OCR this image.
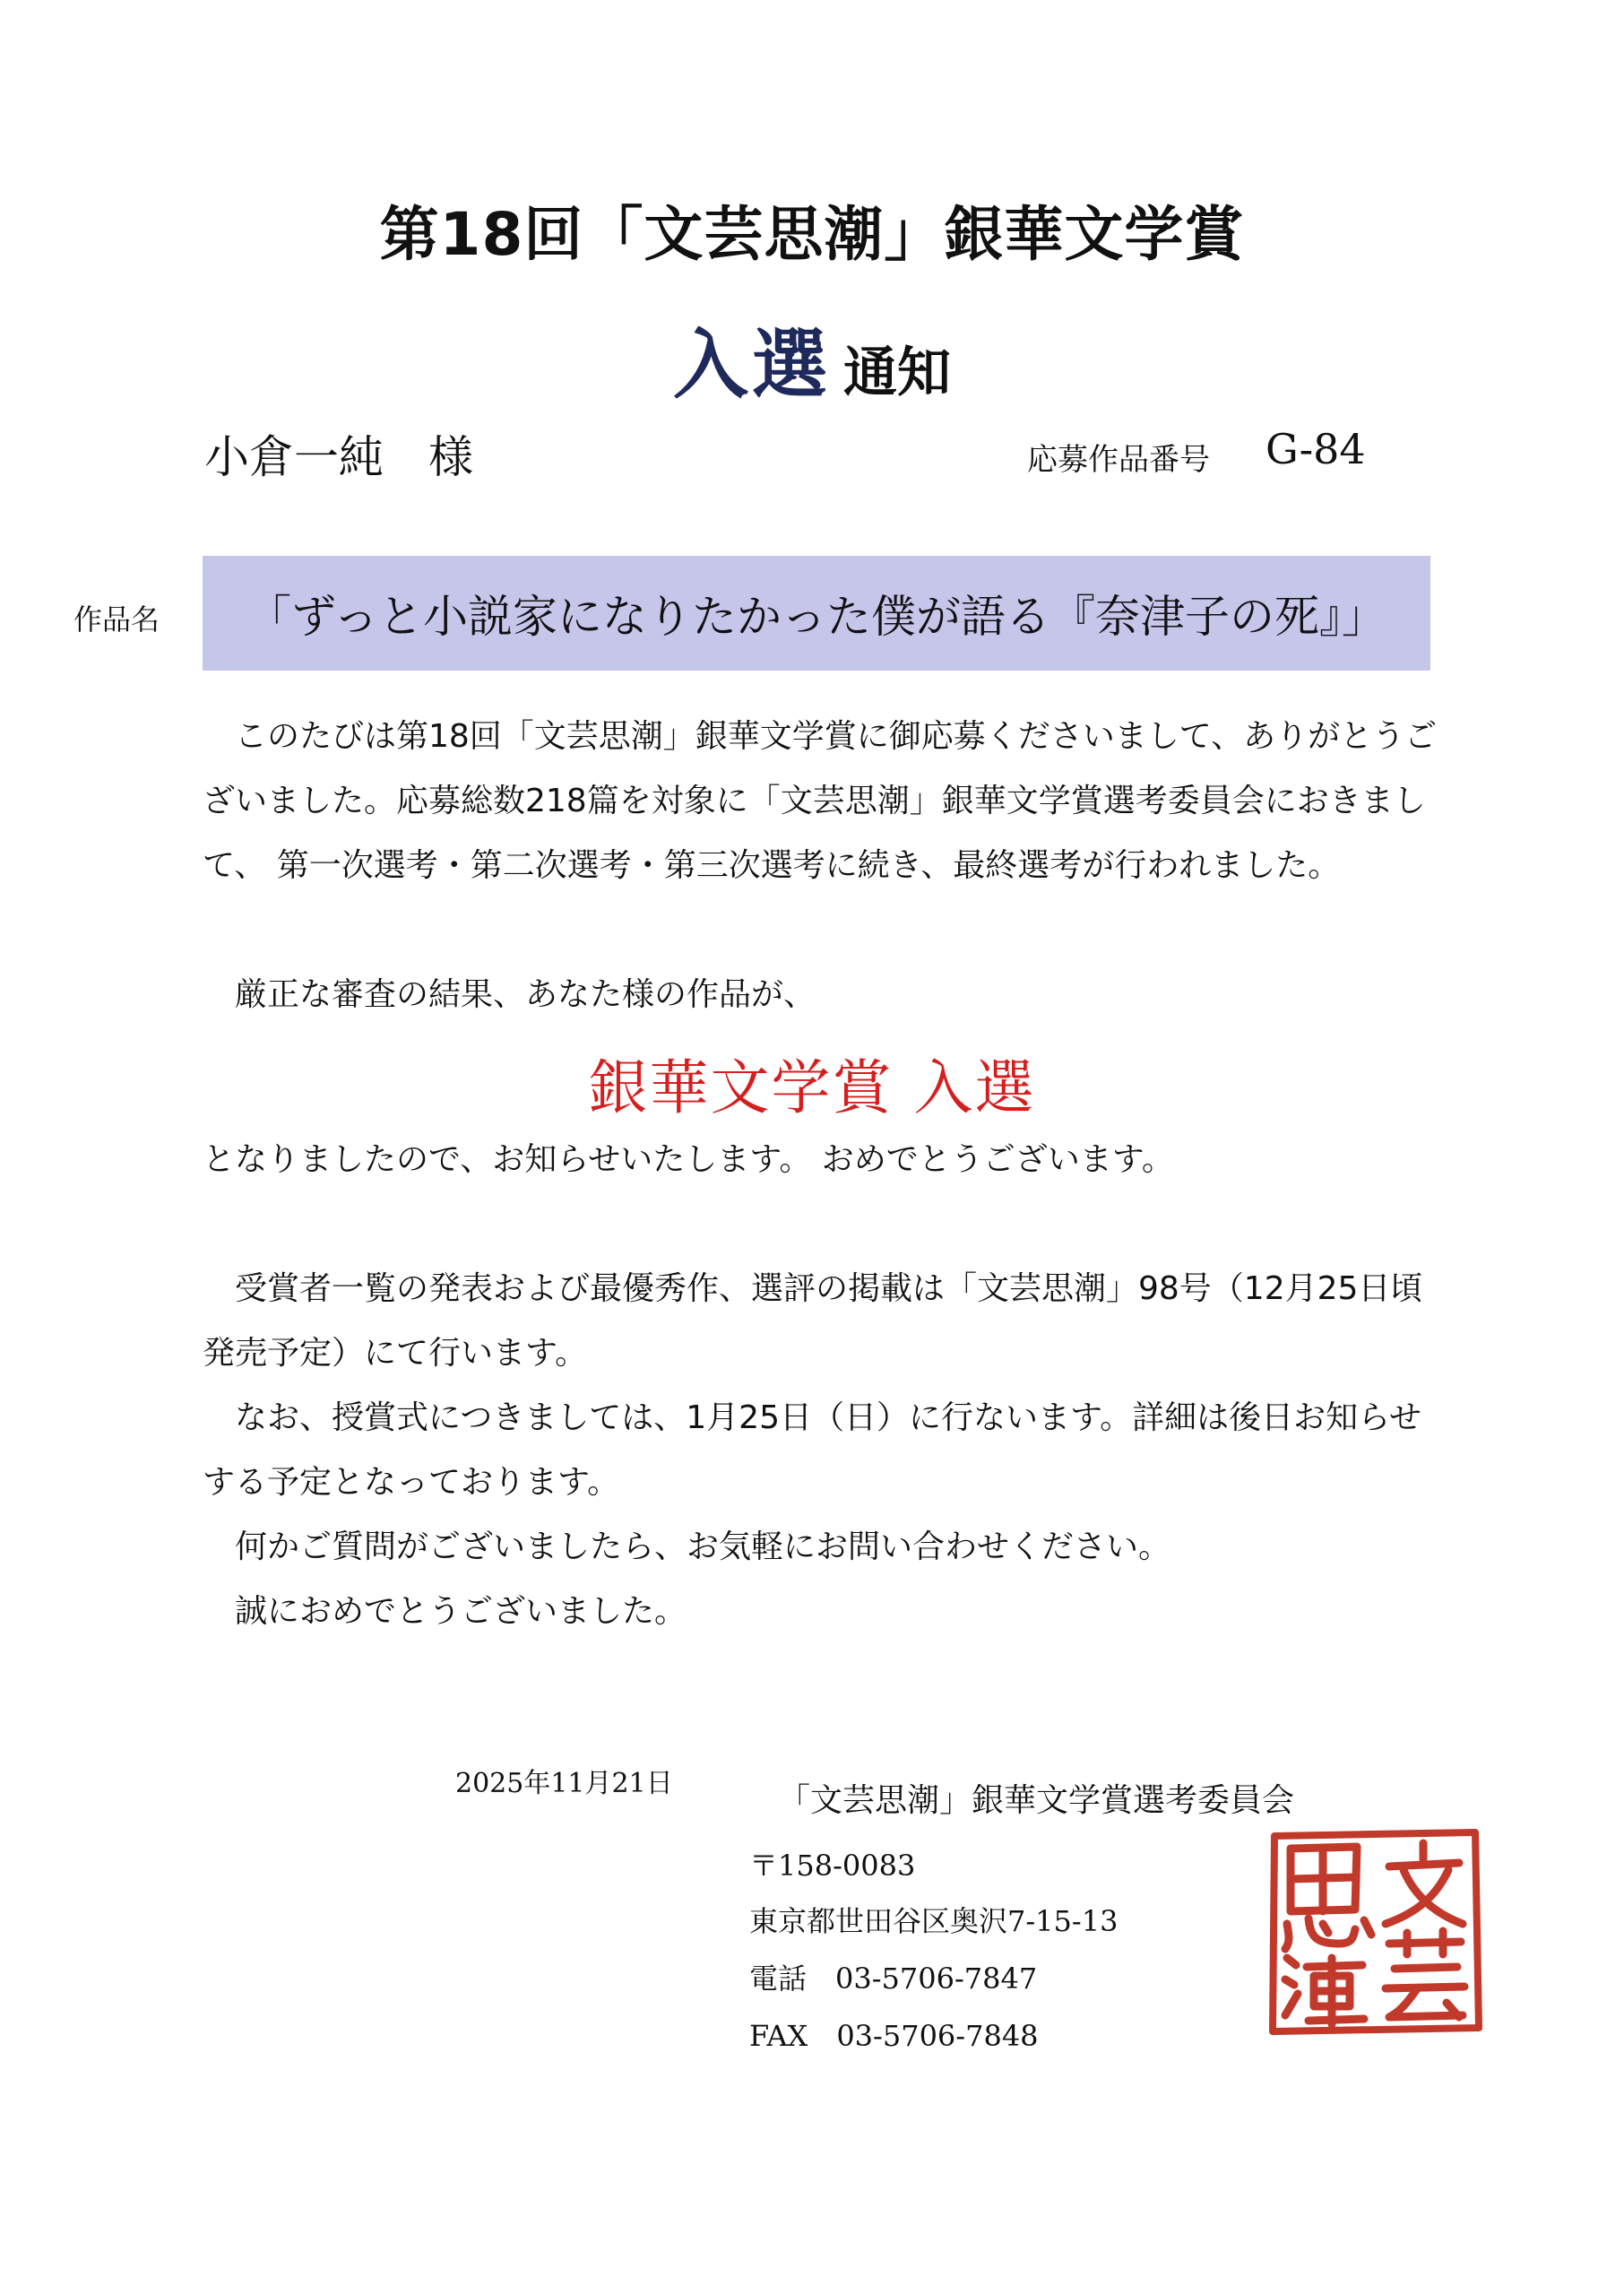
第18回「文芸思潮」銀華文学賞
入選 通知
小倉一純　様	応募作品番号 G-84
作品名	「ずっと小説家になりたかった僕が語る『奈津子の死』」
このたびは第18回「文芸思潮」銀華文学賞に御応募くださいまして、ありがとうございました。応募総数218篇を対象に「文芸思潮」銀華文学賞選考委員会におきまして、 第一次選考・第二次選考・第三次選考に続き、最終選考が行われました。
厳正な審査の結果、あなた様の作品が、
銀華文学賞 入選
となりましたので、お知らせいたします。 おめでとうございます。
受賞者一覧の発表および最優秀作、選評の掲載は「文芸思潮」98号（12月25日頃発売予定）にて行います。
なお、授賞式につきましては、1月25日（日）に行ないます。詳細は後日お知らせする予定となっております。
何かご質問がございましたら、お気軽にお問い合わせください。
誠におめでとうございました。
2025年11月21日	「文芸思潮」銀華文学賞選考委員会
〒158-0083
東京都世田谷区奥沢7-15-13
電話　03-5706-7847
FAX　03-5706-7848
